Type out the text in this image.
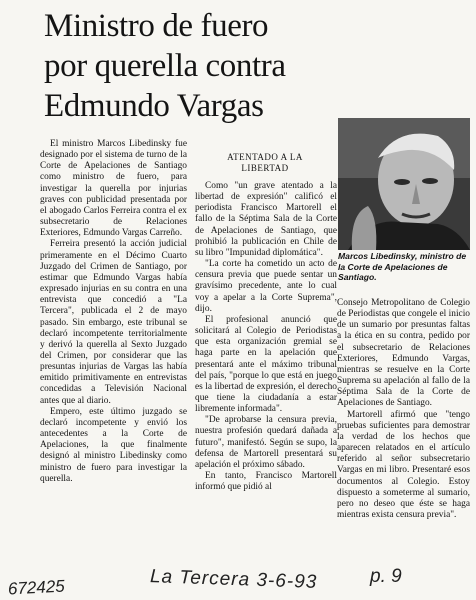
Ministro de fuero
por querella contra
Edmundo Vargas
Marcos Libedinsky, ministro de la Corte de Apelaciones de Santiago.

El ministro Marcos Libedinsky fue designado por el sistema de turno de la Corte de Apelaciones de Santiago como ministro de fuero, para investigar la querella por injurias graves con publicidad presentada por el abogado Carlos Ferreira contra el ex subsecretario de Relaciones Exteriores, Edmundo Vargas Carreño.

Ferreira presentó la acción judicial primeramente en el Décimo Cuarto Juzgado del Crimen de Santiago, por estimar que Edmundo Vargas había expresado injurias en su contra en una entrevista que concedió a "La Tercera", publicada el 2 de mayo pasado. Sin embargo, este tribunal se declaró incompetente territorialmente y derivó la querella al Sexto Juzgado del Crimen, por considerar que las presuntas injurias de Vargas las había emitido primitivamente en entrevistas concedidas a Televisión Nacional antes que al diario.

Empero, este último juzgado se declaró incompetente y envió los antecedentes a la Corte de Apelaciones, la que finalmente designó al ministro Libedinsky como ministro de fuero para investigar la querella.

ATENTADO A LA LIBERTAD

Como "un grave atentado a la libertad de expresión" calificó el periodista Francisco Martorell el fallo de la Séptima Sala de la Corte de Apelaciones de Santiago, que prohibió la publicación en Chile de su libro "Impunidad diplomática".

"La corte ha cometido un acto de censura previa que puede sentar un gravísimo precedente, ante lo cual voy a apelar a la Corte Suprema", dijo.

El profesional anunció que solicitará al Colegio de Periodistas que esta organización gremial se haga parte en la apelación que presentará ante el máximo tribunal del país, "porque lo que está en juego es la libertad de expresión, el derecho que tiene la ciudadanía a estar libremente informada".

"De aprobarse la censura previa, nuestra profesión quedará dañada a futuro", manifestó. Según se supo, la defensa de Martorell presentará su apelación el próximo sábado.

En tanto, Francisco Martorell informó que pidió al

Consejo Metropolitano de Colegio de Periodistas que congele el inicio de un sumario por presuntas faltas a la ética en su contra, pedido por el subsecretario de Relaciones Exteriores, Edmundo Vargas, mientras se resuelve en la Corte Suprema su apelación al fallo de la Séptima Sala de la Corte de Apelaciones de Santiago.

Martorell afirmó que "tengo pruebas suficientes para demostrar la verdad de los hechos que aparecen relatados en el artículo referido al señor subsecretario Vargas en mi libro. Presentaré esos documentos al Colegio. Estoy dispuesto a someterme al sumario, pero no deseo que éste se haga mientras exista censura previa".

672425	La Tercera 3-6-93	p. 9
